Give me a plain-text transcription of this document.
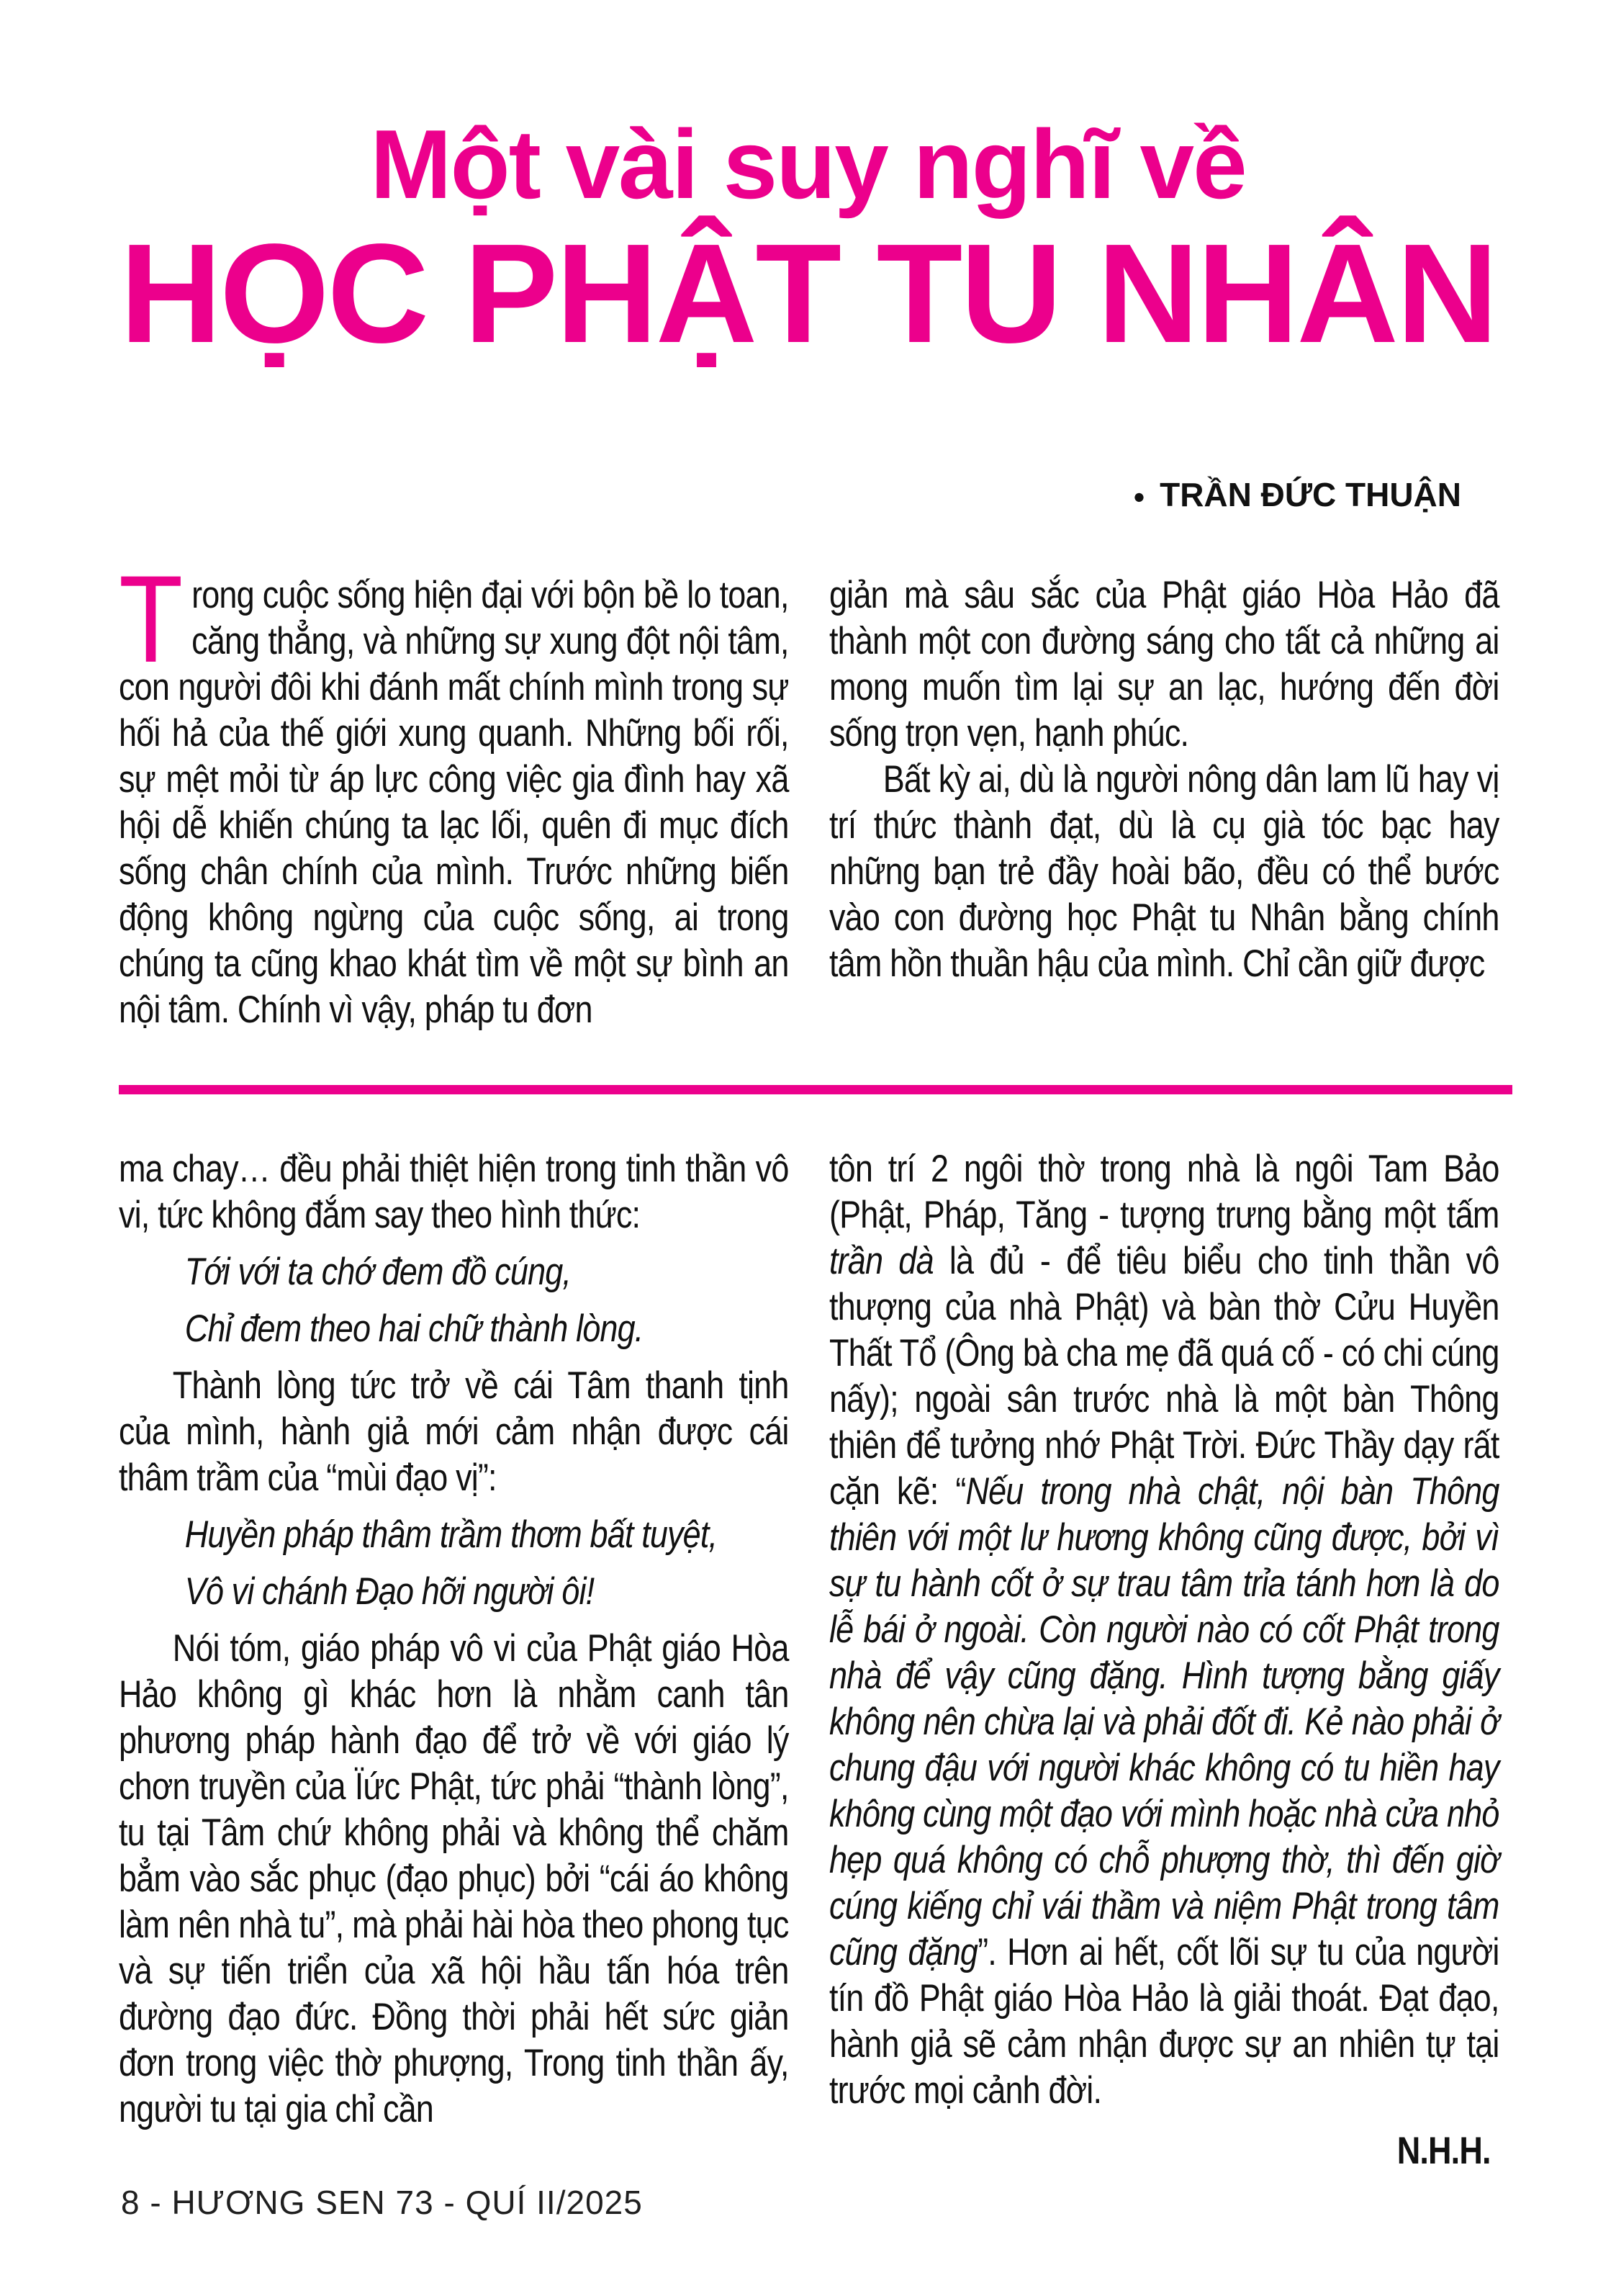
Một vài suy nghĩ về
HỌC PHẬT TU NHÂN
● TRẦN ĐỨC THUẬN

Trong cuộc sống hiện đại với bộn bề lo toan, căng thẳng, và những sự xung đột nội tâm, con người đôi khi đánh mất chính mình trong sự hối hả của thế giới xung quanh. Những bối rối, sự mệt mỏi từ áp lực công việc gia đình hay xã hội dễ khiến chúng ta lạc lối, quên đi mục đích sống chân chính của mình. Trước những biến động không ngừng của cuộc sống, ai trong chúng ta cũng khao khát tìm về một sự bình an nội tâm. Chính vì vậy, pháp tu đơn

giản mà sâu sắc của Phật giáo Hòa Hảo đã thành một con đường sáng cho tất cả những ai mong muốn tìm lại sự an lạc, hướng đến đời sống trọn vẹn, hạnh phúc.

Bất kỳ ai, dù là người nông dân lam lũ hay vị trí thức thành đạt, dù là cụ già tóc bạc hay những bạn trẻ đầy hoài bão, đều có thể bước vào con đường học Phật tu Nhân bằng chính tâm hồn thuần hậu của mình. Chỉ cần giữ được

ma chay… đều phải thiệt hiện trong tinh thần vô vi, tức không đắm say theo hình thức:

Tới với ta chớ đem đồ cúng,

Chỉ đem theo hai chữ thành lòng.

Thành lòng tức trở về cái Tâm thanh tịnh của mình, hành giả mới cảm nhận được cái thâm trầm của “mùi đạo vị”:

Huyền pháp thâm trầm thơm bất tuyệt,

Vô vi chánh Đạo hỡi người ôi!

Nói tóm, giáo pháp vô vi của Phật giáo Hòa Hảo không gì khác hơn là nhằm canh tân phương pháp hành đạo để trở về với giáo lý chơn truyền của Ïức Phật, tức phải “thành lòng”, tu tại Tâm chứ không phải và không thể chăm bẳm vào sắc phục (đạo phục) bởi “cái áo không làm nên nhà tu”, mà phải hài hòa theo phong tục và sự tiến triển của xã hội hầu tấn hóa trên đường đạo đức. Đồng thời phải hết sức giản đơn trong việc thờ phượng, Trong tinh thần ấy, người tu tại gia chỉ cần

tôn trí 2 ngôi thờ trong nhà là ngôi Tam Bảo (Phật, Pháp, Tăng - tượng trưng bằng một tấm trần dà là đủ - để tiêu biểu cho tinh thần vô thượng của nhà Phật) và bàn thờ Cửu Huyền Thất Tổ (Ông bà cha mẹ đã quá cố - có chi cúng nấy); ngoài sân trước nhà là một bàn Thông thiên để tưởng nhớ Phật Trời. Đức Thầy dạy rất cặn kẽ: “Nếu trong nhà chật, nội bàn Thông thiên với một lư hương không cũng được, bởi vì sự tu hành cốt ở sự trau tâm trỉa tánh hơn là do lễ bái ở ngoài. Còn người nào có cốt Phật trong nhà để vậy cũng đặng. Hình tượng bằng giấy không nên chừa lại và phải đốt đi. Kẻ nào phải ở chung đậu với người khác không có tu hiền hay không cùng một đạo với mình hoặc nhà cửa nhỏ hẹp quá không có chỗ phượng thờ, thì đến giờ cúng kiếng chỉ vái thầm và niệm Phật trong tâm cũng đặng”. Hơn ai hết, cốt lõi sự tu của người tín đồ Phật giáo Hòa Hảo là giải thoát. Đạt đạo, hành giả sẽ cảm nhận được sự an nhiên tự tại trước mọi cảnh đời.

N.H.H.

8 - HƯƠNG SEN 73 - QUÍ II/2025
